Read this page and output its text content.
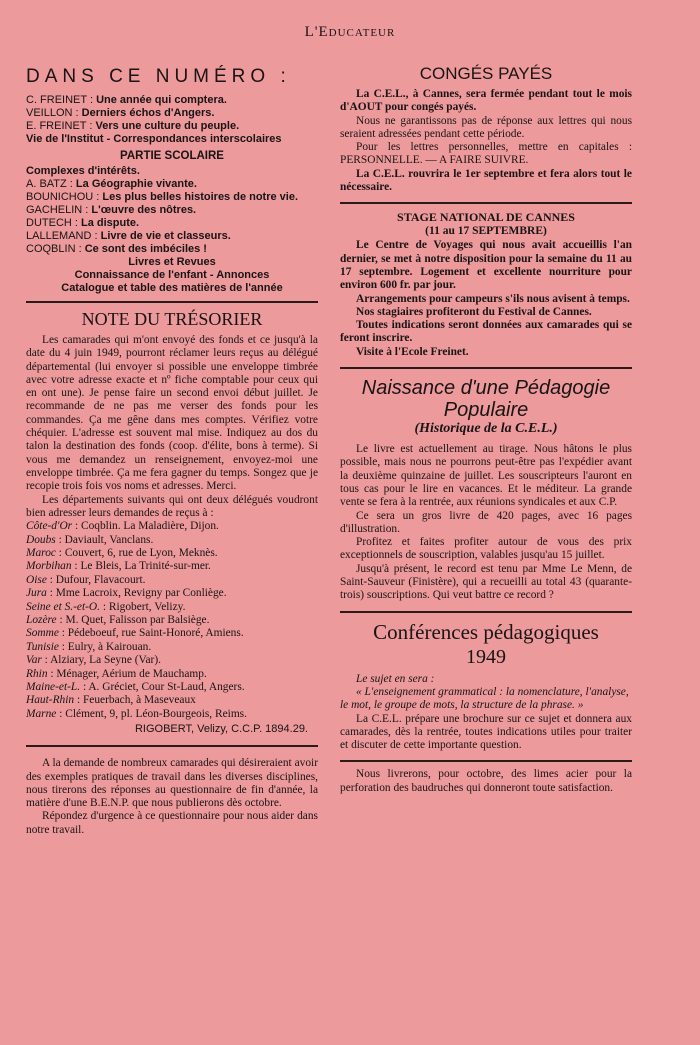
L'Educateur
DANS CE NUMÉRO :
C. FREINET : Une année qui comptera.
VEILLON : Derniers échos d'Angers.
E. FREINET : Vers une culture du peuple.
Vie de l'Institut - Correspondances interscolaires
PARTIE SCOLAIRE
Complexes d'intérêts.
A. BATZ : La Géographie vivante.
BOUNICHOU : Les plus belles histoires de notre vie.
GACHELIN : L'œuvre des nôtres.
DUTECH : La dispute.
LALLEMAND : Livre de vie et classeurs.
COQBLIN : Ce sont des imbéciles !
Livres et Revues
Connaissance de l'enfant - Annonces
Catalogue et table des matières de l'année
NOTE DU TRÉSORIER

Les camarades qui m'ont envoyé des fonds et ce jusqu'à la date du 4 juin 1949, pourront réclamer leurs reçus au délégué départemental (lui envoyer si possible une enveloppe timbrée avec votre adresse exacte et nº fiche comptable pour ceux qui en ont une). Je pense faire un second envoi début juillet. Je recommande de ne pas me verser des fonds pour les commandes. Ça me gêne dans mes comptes. Vérifiez votre chéquier. L'adresse est souvent mal mise. Indiquez au dos du talon la destination des fonds (coop. d'élite, bons à terme). Si vous me demandez un renseignement, envoyez-moi une enveloppe timbrée. Ça me fera gagner du temps. Songez que je recopie trois fois vos noms et adresses. Merci.

Les départements suivants qui ont deux délégués voudront bien adresser leurs demandes de reçus à :

Côte-d'Or : Coqblin. La Maladière, Dijon.
Doubs : Daviault, Vanclans.
Maroc : Couvert, 6, rue de Lyon, Meknès.
Morbihan : Le Bleis, La Trinité-sur-mer.
Oise : Dufour, Flavacourt.
Jura : Mme Lacroix, Revigny par Conliège.
Seine et S.-et-O. : Rigobert, Velizy.
Lozère : M. Quet, Falisson par Balsiège.
Somme : Pédeboeuf, rue Saint-Honoré, Amiens.
Tunisie : Eulry, à Kairouan.
Var : Alziary, La Seyne (Var).
Rhin : Ménager, Aérium de Mauchamp.
Maine-et-L. : A. Gréciet, Cour St-Laud, Angers.
Haut-Rhin : Feuerbach, à Maseveaux
Marne : Clément, 9, pl. Léon-Bourgeois, Reims.
RIGOBERT, Velizy, C.C.P. 1894.29.

A la demande de nombreux camarades qui désireraient avoir des exemples pratiques de travail dans les diverses disciplines, nous tirerons des réponses au questionnaire de fin d'année, la matière d'une B.E.N.P. que nous publierons dès octobre.

Répondez d'urgence à ce questionnaire pour nous aider dans notre travail.

CONGÉS PAYÉS

La C.E.L., à Cannes, sera fermée pendant tout le mois d'AOUT pour congés payés.

Nous ne garantissons pas de réponse aux lettres qui nous seraient adressées pendant cette période.

Pour les lettres personnelles, mettre en capitales : PERSONNELLE. — A FAIRE SUIVRE.

La C.E.L. rouvrira le 1er septembre et fera alors tout le nécessaire.

STAGE NATIONAL DE CANNES
(11 au 17 SEPTEMBRE)

Le Centre de Voyages qui nous avait accueillis l'an dernier, se met à notre disposition pour la semaine du 11 au 17 septembre. Logement et excellente nourriture pour environ 600 fr. par jour.

Arrangements pour campeurs s'ils nous avisent à temps.

Nos stagiaires profiteront du Festival de Cannes.

Toutes indications seront données aux camarades qui se feront inscrire.

Visite à l'Ecole Freinet.

Naissance d'une Pédagogie
Populaire
(Historique de la C.E.L.)

Le livre est actuellement au tirage. Nous hâtons le plus possible, mais nous ne pourrons peut-être pas l'expédier avant la deuxième quinzaine de juillet. Les souscripteurs l'auront en tous cas pour le lire en vacances. Et le méditeur. La grande vente se fera à la rentrée, aux réunions syndicales et aux C.P.

Ce sera un gros livre de 420 pages, avec 16 pages d'illustration.

Profitez et faites profiter autour de vous des prix exceptionnels de souscription, valables jusqu'au 15 juillet.

Jusqu'à présent, le record est tenu par Mme Le Menn, de Saint-Sauveur (Finistère), qui a recueilli au total 43 (quarante-trois) souscriptions. Qui veut battre ce record ?

Conférences pédagogiques
1949

Le sujet en sera :

« L'enseignement grammatical : la nomenclature, l'analyse, le mot, le groupe de mots, la structure de la phrase. »

La C.E.L. prépare une brochure sur ce sujet et donnera aux camarades, dès la rentrée, toutes indications utiles pour traiter et discuter de cette importante question.

Nous livrerons, pour octobre, des limes acier pour la perforation des baudruches qui donneront toute satisfaction.
